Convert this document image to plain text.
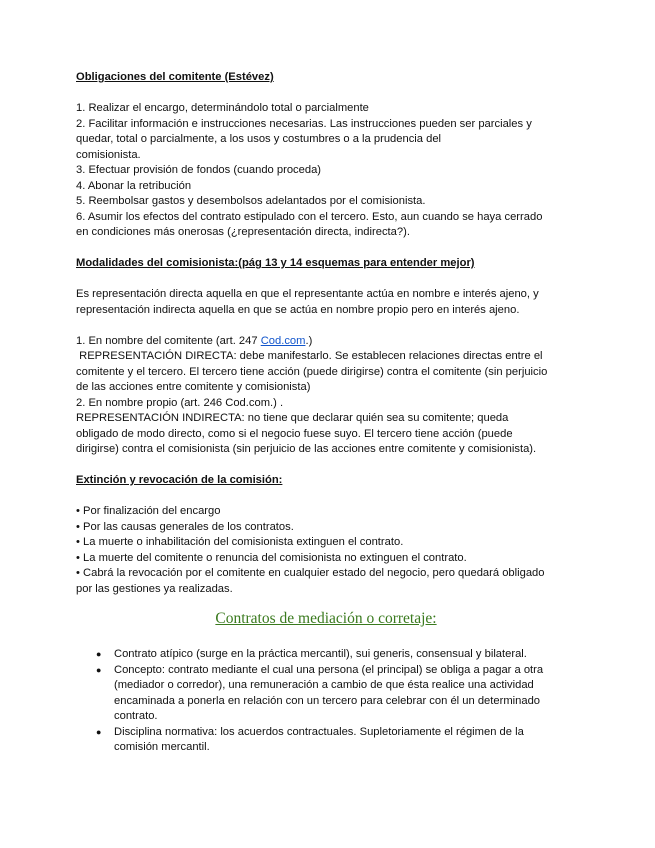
Obligaciones del comitente (Estévez)

1. Realizar el encargo, determinándolo total o parcialmente

2. Facilitar información e instrucciones necesarias. Las instrucciones pueden ser parciales y

quedar, total o parcialmente, a los usos y costumbres o a la prudencia del

comisionista.

3. Efectuar provisión de fondos (cuando proceda)

4. Abonar la retribución

5. Reembolsar gastos y desembolsos adelantados por el comisionista.

6. Asumir los efectos del contrato estipulado con el tercero. Esto, aun cuando se haya cerrado

en condiciones más onerosas (¿representación directa, indirecta?).

Modalidades del comisionista:(pág 13 y 14 esquemas para entender mejor)

Es representación directa aquella en que el representante actúa en nombre e interés ajeno, y

representación indirecta aquella en que se actúa en nombre propio pero en interés ajeno.

1. En nombre del comitente (art. 247 Cod.com.)

REPRESENTACIÓN DIRECTA: debe manifestarlo. Se establecen relaciones directas entre el

comitente y el tercero. El tercero tiene acción (puede dirigirse) contra el comitente (sin perjuicio

de las acciones entre comitente y comisionista)

2. En nombre propio (art. 246 Cod.com.) .

REPRESENTACIÓN INDIRECTA: no tiene que declarar quién sea su comitente; queda

obligado de modo directo, como si el negocio fuese suyo. El tercero tiene acción (puede

dirigirse) contra el comisionista (sin perjuicio de las acciones entre comitente y comisionista).

Extinción y revocación de la comisión:

• Por finalización del encargo

• Por las causas generales de los contratos.

• La muerte o inhabilitación del comisionista extinguen el contrato.

• La muerte del comitente o renuncia del comisionista no extinguen el contrato.

• Cabrá la revocación por el comitente en cualquier estado del negocio, pero quedará obligado

por las gestiones ya realizadas.

Contratos de mediación o corretaje:

● Contrato atípico (surge en la práctica mercantil), sui generis, consensual y bilateral.
● Concepto: contrato mediante el cual una persona (el principal) se obliga a pagar a otra
(mediador o corredor), una remuneración a cambio de que ésta realice una actividad
encaminada a ponerla en relación con un tercero para celebrar con él un determinado
contrato.
● Disciplina normativa: los acuerdos contractuales. Supletoriamente el régimen de la
comisión mercantil.
